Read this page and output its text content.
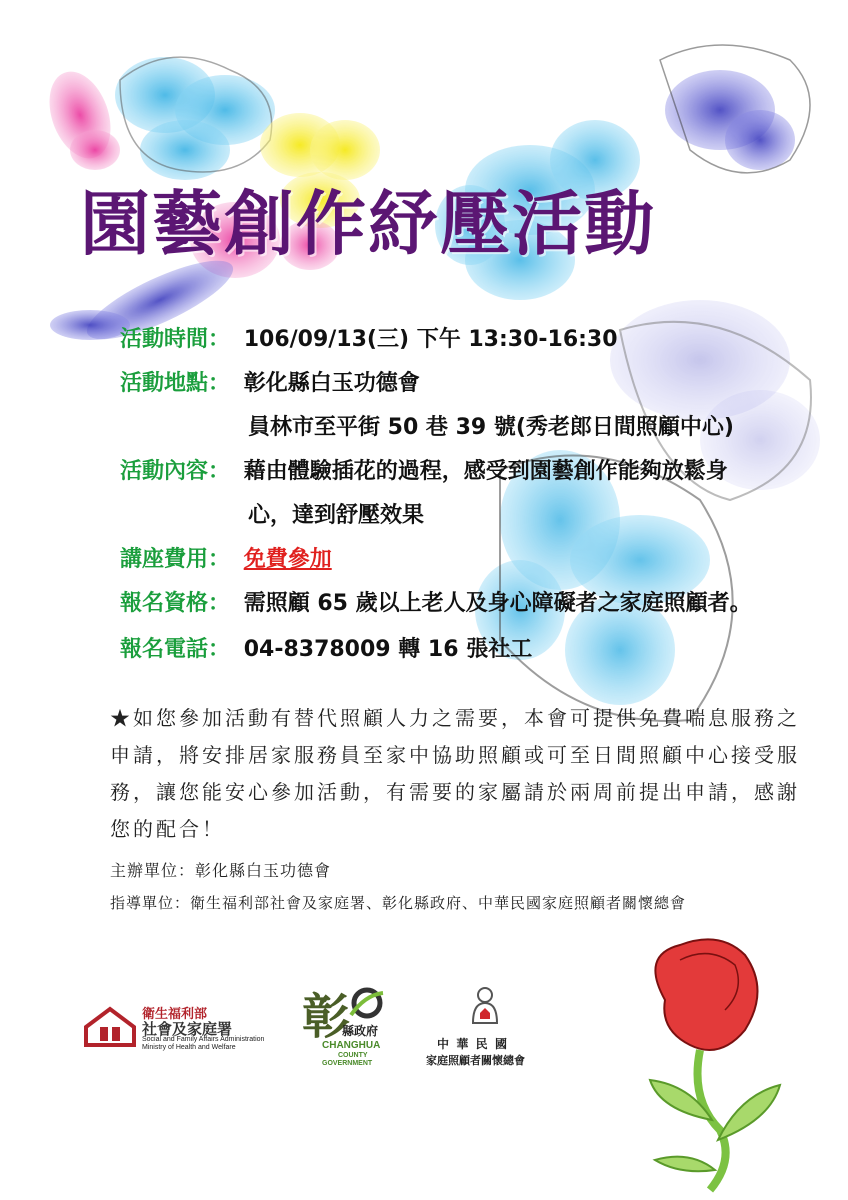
園藝創作紓壓活動
活動時間： 106/09/13(三) 下午 13:30-16:30
活動地點： 彰化縣白玉功德會
員林市至平街 50 巷 39 號(秀老郎日間照顧中心)
活動內容： 藉由體驗插花的過程，感受到園藝創作能夠放鬆身
心，達到舒壓效果
講座費用： 免費參加
報名資格： 需照顧 65 歲以上老人及身心障礙者之家庭照顧者。
報名電話： 04-8378009 轉 16 張社工
★如您參加活動有替代照顧人力之需要，本會可提供免費喘息服務之
申請，將安排居家服務員至家中協助照顧或可至日間照顧中心接受服
務，讓您能安心參加活動，有需要的家屬請於兩周前提出申請，感謝
您的配合！
主辦單位：彰化縣白玉功德會
指導單位：衛生福利部社會及家庭署、彰化縣政府、中華民國家庭照顧者關懷總會
衛生福利部
社會及家庭署
Social and Family Affairs Administration
Ministry of Health and Welfare
彰
縣政府
CHANGHUA
COUNTY
GOVERNMENT
中 華 民 國
家庭照顧者關懷總會
